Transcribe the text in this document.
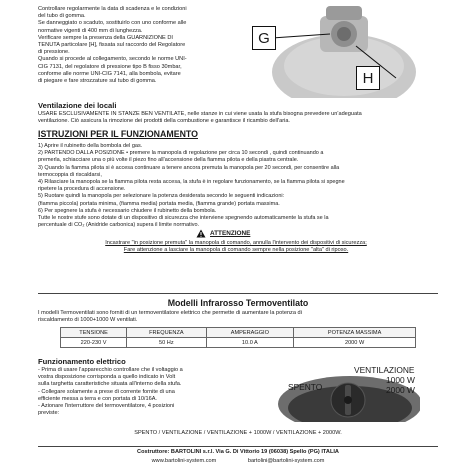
Controllare regolarmente la data di scadenza e le condizioni
del tubo di gomma.
Se danneggiato o scaduto, sostituirlo con uno conforme alle
normative vigenti di 400 mm di lunghezza.
Verificare sempre la presenza della GUARNIZIONE DI
TENUTA particolare [H], fissata sul raccordo del Regolatore
di pressione.
Quando si procede al collegamento, secondo le norme UNI-
CIG 7131, del regolatore di pressione tipo B fisso 30mbar,
conforme alle norme UNI-CIG 7141, alla bombola, evitare
di piegare e fare strozzature sul tubo di gomma.
G
H
Ventilazione dei locali
USARE ESCLUSIVAMENTE IN STANZE BEN VENTILATE, nelle stanze in cui viene usata la stufa bisogna prevedere un'adeguata
ventilazione. Ciò assicura la rimozione dei prodotti della combustione e garantisce il ricambio dell'aria.
ISTRUZIONI PER IL FUNZIONAMENTO
1) Aprire il rubinetto della bombola del gas.
2) PARTENDO DALLA POSIZIONE • premere la manopola di regolazione per circa 10 secondi , quindi continuando a
premerla, schiacciare una o più volte il piezo fino all'accensione della fiamma pilota e della piastra centrale.
3) Quando la fiamma pilota si è accesa continuare a tenere ancora premuta la manopola per 20 secondi, per consentire alla
termocoppia di riscaldarsi,
4) Rilasciare la manopola se la fiamma pilota resta accesa, la stufa è in regolare funzionamento, se la fiamma pilota si spegne
ripetere la procedura di accensione.
5) Ruotare quindi la manopola per selezionare la potenza desiderata secondo le seguenti indicazioni:
(fiamma piccola) portata minima, (fiamma media) portata media, (fiamma grande) portata massima.
6) Per spegnere la stufa è necessario chiudere il rubinetto della bombola.
Tutte le nostre stufe sono dotate di un dispositivo di sicurezza che interviene spegnendo automaticamente la stufa se la
percentuale di CO₂ (Anidride carbonica) supera il limite normativo.
ATTENZIONE
Incastrare "in posizione premuta" la manopola di comando, annulla l'intervento dei dispositivi di sicurezza;
Fare attenzione a lasciare la manopola di comando sempre nella posizione "alta" di riposo.
Modelli Infrarosso Termoventilato
I modelli Termoventilati sono forniti di un termoventilatore elettrico che permette di aumentare la potenza di
riscaldamento di 1000+1000 W ventilati.
TENSIONE	FREQUENZA	AMPERAGGIO	POTENZA MASSIMA
220-230 V	50 Hz	10.0 A	2000 W
Funzionamento elettrico
- Prima di usare l'apparecchio controllare che il voltaggio a
vostra disposizione corrisponda a quello indicato in Volt
sulla targhetta caratteristiche situata all'interno della stufa.
- Collegare solamente a prese di corrente fornite di una
efficiente messa a terra e con portata di 10/16A.
- Azionare l'interruttore del termoventilatore, 4 posizioni
previste:
VENTILAZIONE
1000 W
2000 W
SPENTO
SPENTO / VENTILAZIONE / VENTILAZIONE + 1000W / VENTILAZIONE + 2000W.
Costruttore: BARTOLINI s.r.l. Via G. Di Vittorio 19 (06038) Spello (PG) ITALIA
www.bartolini-system.com	bartolini@bartolini-system.com
